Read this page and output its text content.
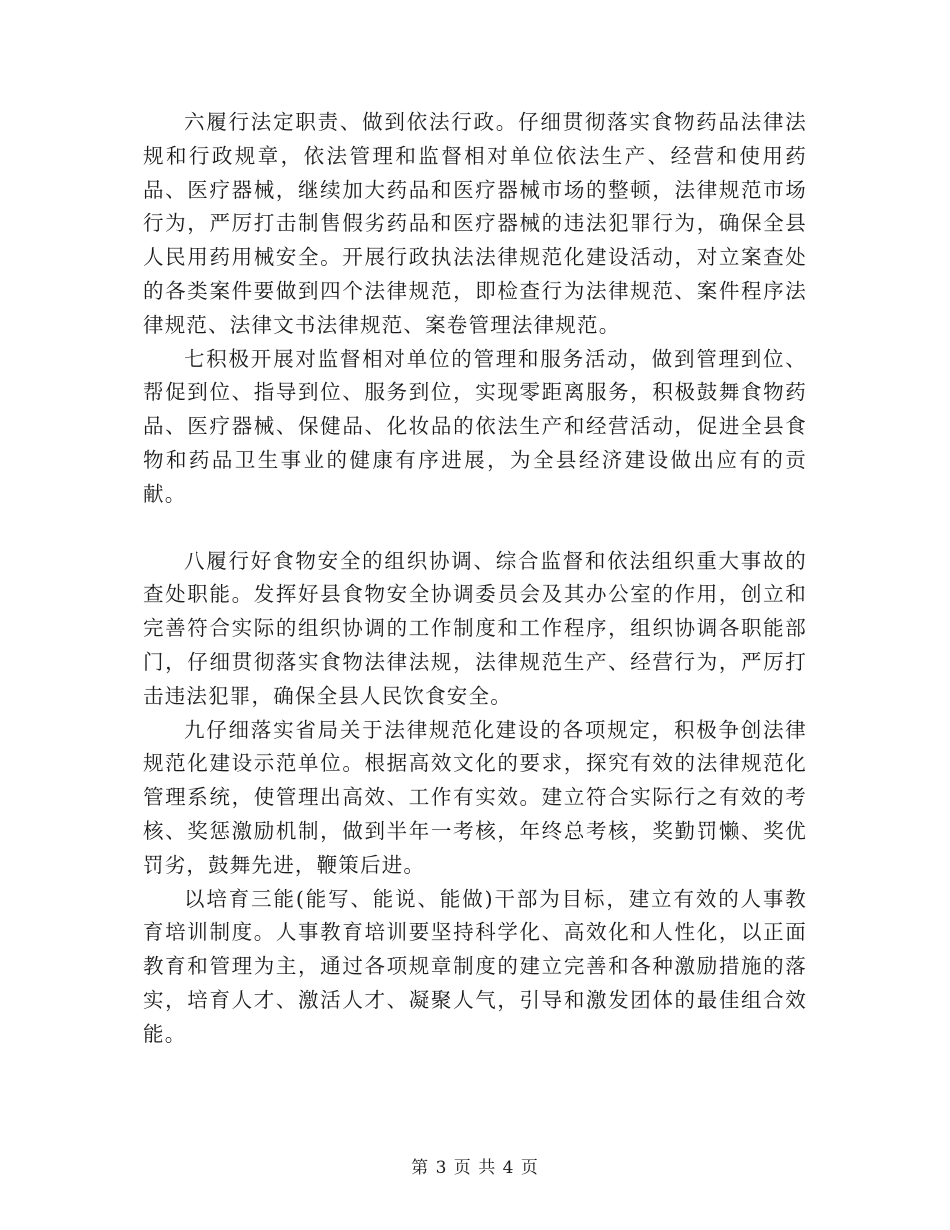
六履行法定职责、做到依法行政。仔细贯彻落实食物药品法律法规和行政规章，依法管理和监督相对单位依法生产、经营和使用药品、医疗器械，继续加大药品和医疗器械市场的整顿，法律规范市场行为，严厉打击制售假劣药品和医疗器械的违法犯罪行为，确保全县人民用药用械安全。开展行政执法法律规范化建设活动，对立案查处的各类案件要做到四个法律规范，即检查行为法律规范、案件程序法律规范、法律文书法律规范、案卷管理法律规范。

七积极开展对监督相对单位的管理和服务活动，做到管理到位、帮促到位、指导到位、服务到位，实现零距离服务，积极鼓舞食物药品、医疗器械、保健品、化妆品的依法生产和经营活动，促进全县食物和药品卫生事业的健康有序进展，为全县经济建设做出应有的贡献。

八履行好食物安全的组织协调、综合监督和依法组织重大事故的查处职能。发挥好县食物安全协调委员会及其办公室的作用，创立和完善符合实际的组织协调的工作制度和工作程序，组织协调各职能部门，仔细贯彻落实食物法律法规，法律规范生产、经营行为，严厉打击违法犯罪，确保全县人民饮食安全。

九仔细落实省局关于法律规范化建设的各项规定，积极争创法律规范化建设示范单位。根据高效文化的要求，探究有效的法律规范化管理系统，使管理出高效、工作有实效。建立符合实际行之有效的考核、奖惩激励机制，做到半年一考核，年终总考核，奖勤罚懒、奖优罚劣，鼓舞先进，鞭策后进。

以培育三能(能写、能说、能做)干部为目标，建立有效的人事教育培训制度。人事教育培训要坚持科学化、高效化和人性化，以正面教育和管理为主，通过各项规章制度的建立完善和各种激励措施的落实，培育人才、激活人才、凝聚人气，引导和激发团体的最佳组合效能。

第 3 页 共 4 页
